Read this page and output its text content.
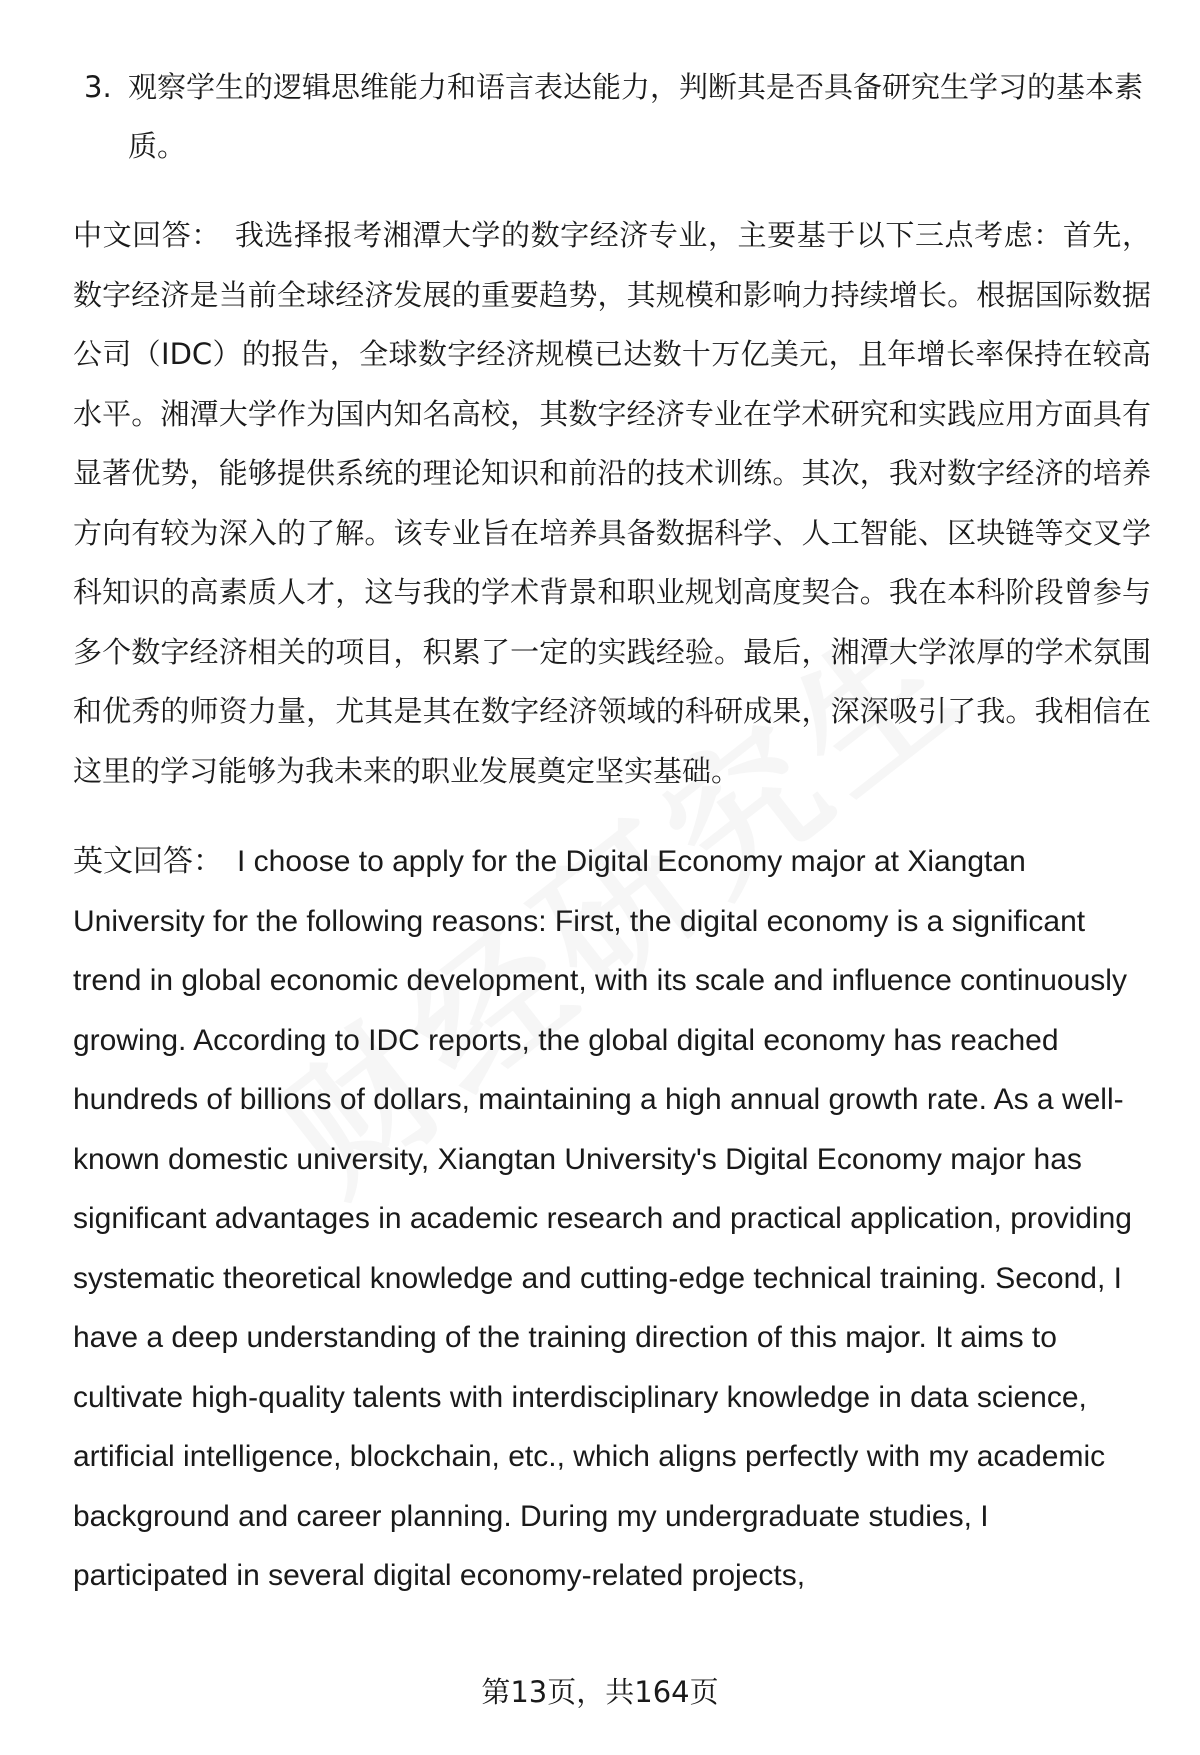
3. 观察学生的逻辑思维能力和语言表达能力，判断其是否具备研究生学习的基本素质。

中文回答： 我选择报考湘潭大学的数字经济专业，主要基于以下三点考虑：首先，数字经济是当前全球经济发展的重要趋势，其规模和影响力持续增长。根据国际数据公司（IDC）的报告，全球数字经济规模已达数十万亿美元，且年增长率保持在较高水平。湘潭大学作为国内知名高校，其数字经济专业在学术研究和实践应用方面具有显著优势，能够提供系统的理论知识和前沿的技术训练。其次，我对数字经济的培养方向有较为深入的了解。该专业旨在培养具备数据科学、人工智能、区块链等交叉学科知识的高素质人才，这与我的学术背景和职业规划高度契合。我在本科阶段曾参与多个数字经济相关的项目，积累了一定的实践经验。最后，湘潭大学浓厚的学术氛围和优秀的师资力量，尤其是其在数字经济领域的科研成果，深深吸引了我。我相信在这里的学习能够为我未来的职业发展奠定坚实基础。

英文回答： I choose to apply for the Digital Economy major at Xiangtan University for the following reasons: First, the digital economy is a significant trend in global economic development, with its scale and influence continuously growing. According to IDC reports, the global digital economy has reached hundreds of billions of dollars, maintaining a high annual growth rate. As a well-known domestic university, Xiangtan University's Digital Economy major has significant advantages in academic research and practical application, providing systematic theoretical knowledge and cutting-edge technical training. Second, I have a deep understanding of the training direction of this major. It aims to cultivate high-quality talents with interdisciplinary knowledge in data science, artificial intelligence, blockchain, etc., which aligns perfectly with my academic background and career planning. During my undergraduate studies, I participated in several digital economy-related projects,

第13页，共164页
